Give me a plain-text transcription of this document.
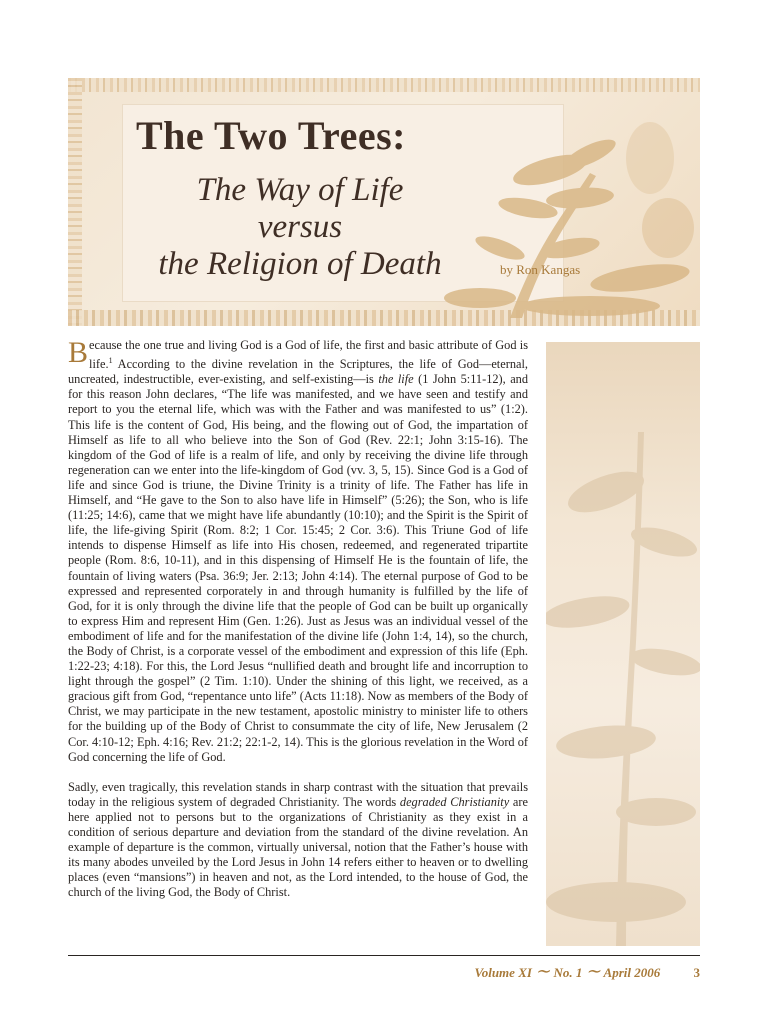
The Two Trees:

The Way of Life

versus

the Religion of Death	by Ron Kangas

Because the one true and living God is a God of life, the first and basic attribute of God is life.$^1$ According to the divine revelation in the Scriptures, the life of God—eternal, uncreated, indestructible, ever-existing, and self-existing—is the life (1 John 5:11-12), and for this reason John declares, “The life was manifested, and we have seen and testify and report to you the eternal life, which was with the Father and was manifested to us” (1:2). This life is the content of God, His being, and the flowing out of God, the impartation of Himself as life to all who believe into the Son of God (Rev. 22:1; John 3:15-16). The kingdom of the God of life is a realm of life, and only by receiving the divine life through regeneration can we enter into the life-kingdom of God (vv. 3, 5, 15). Since God is a God of life and since God is triune, the Divine Trinity is a trinity of life. The Father has life in Himself, and “He gave to the Son to also have life in Himself” (5:26); the Son, who is life (11:25; 14:6), came that we might have life abundantly (10:10); and the Spirit is the Spirit of life, the life-giving Spirit (Rom. 8:2; 1 Cor. 15:45; 2 Cor. 3:6). This Triune God of life intends to dispense Himself as life into His chosen, redeemed, and regenerated tripartite people (Rom. 8:6, 10-11), and in this dispensing of Himself He is the fountain of life, the fountain of living waters (Psa. 36:9; Jer. 2:13; John 4:14). The eternal purpose of God to be expressed and represented corporately in and through humanity is fulfilled by the life of God, for it is only through the divine life that the people of God can be built up organically to express Him and represent Him (Gen. 1:26). Just as Jesus was an individual vessel of the embodiment of life and for the manifestation of the divine life (John 1:4, 14), so the church, the Body of Christ, is a corporate vessel of the embodiment and expression of this life (Eph. 1:22-23; 4:18). For this, the Lord Jesus “nullified death and brought life and incorruption to light through the gospel” (2 Tim. 1:10). Under the shining of this light, we received, as a gracious gift from God, “repentance unto life” (Acts 11:18). Now as members of the Body of Christ, we may participate in the new testament, apostolic ministry to minister life to others for the building up of the Body of Christ to consummate the city of life, New Jerusalem (2 Cor. 4:10-12; Eph. 4:16; Rev. 21:2; 22:1-2, 14). This is the glorious revelation in the Word of God concerning the life of God.

Sadly, even tragically, this revelation stands in sharp contrast with the situation that prevails today in the religious system of degraded Christianity. The words degraded Christianity are here applied not to persons but to the organizations of Christianity as they exist in a condition of serious departure and deviation from the standard of the divine revelation. An example of departure is the common, virtually universal, notion that the Father’s house with its many abodes unveiled by the Lord Jesus in John 14 refers either to heaven or to dwelling places (even “mansions”) in heaven and not, as the Lord intended, to the house of God, the church of the living God, the Body of Christ.

Volume XI ∼ No. 1 ∼ April 2006	3
